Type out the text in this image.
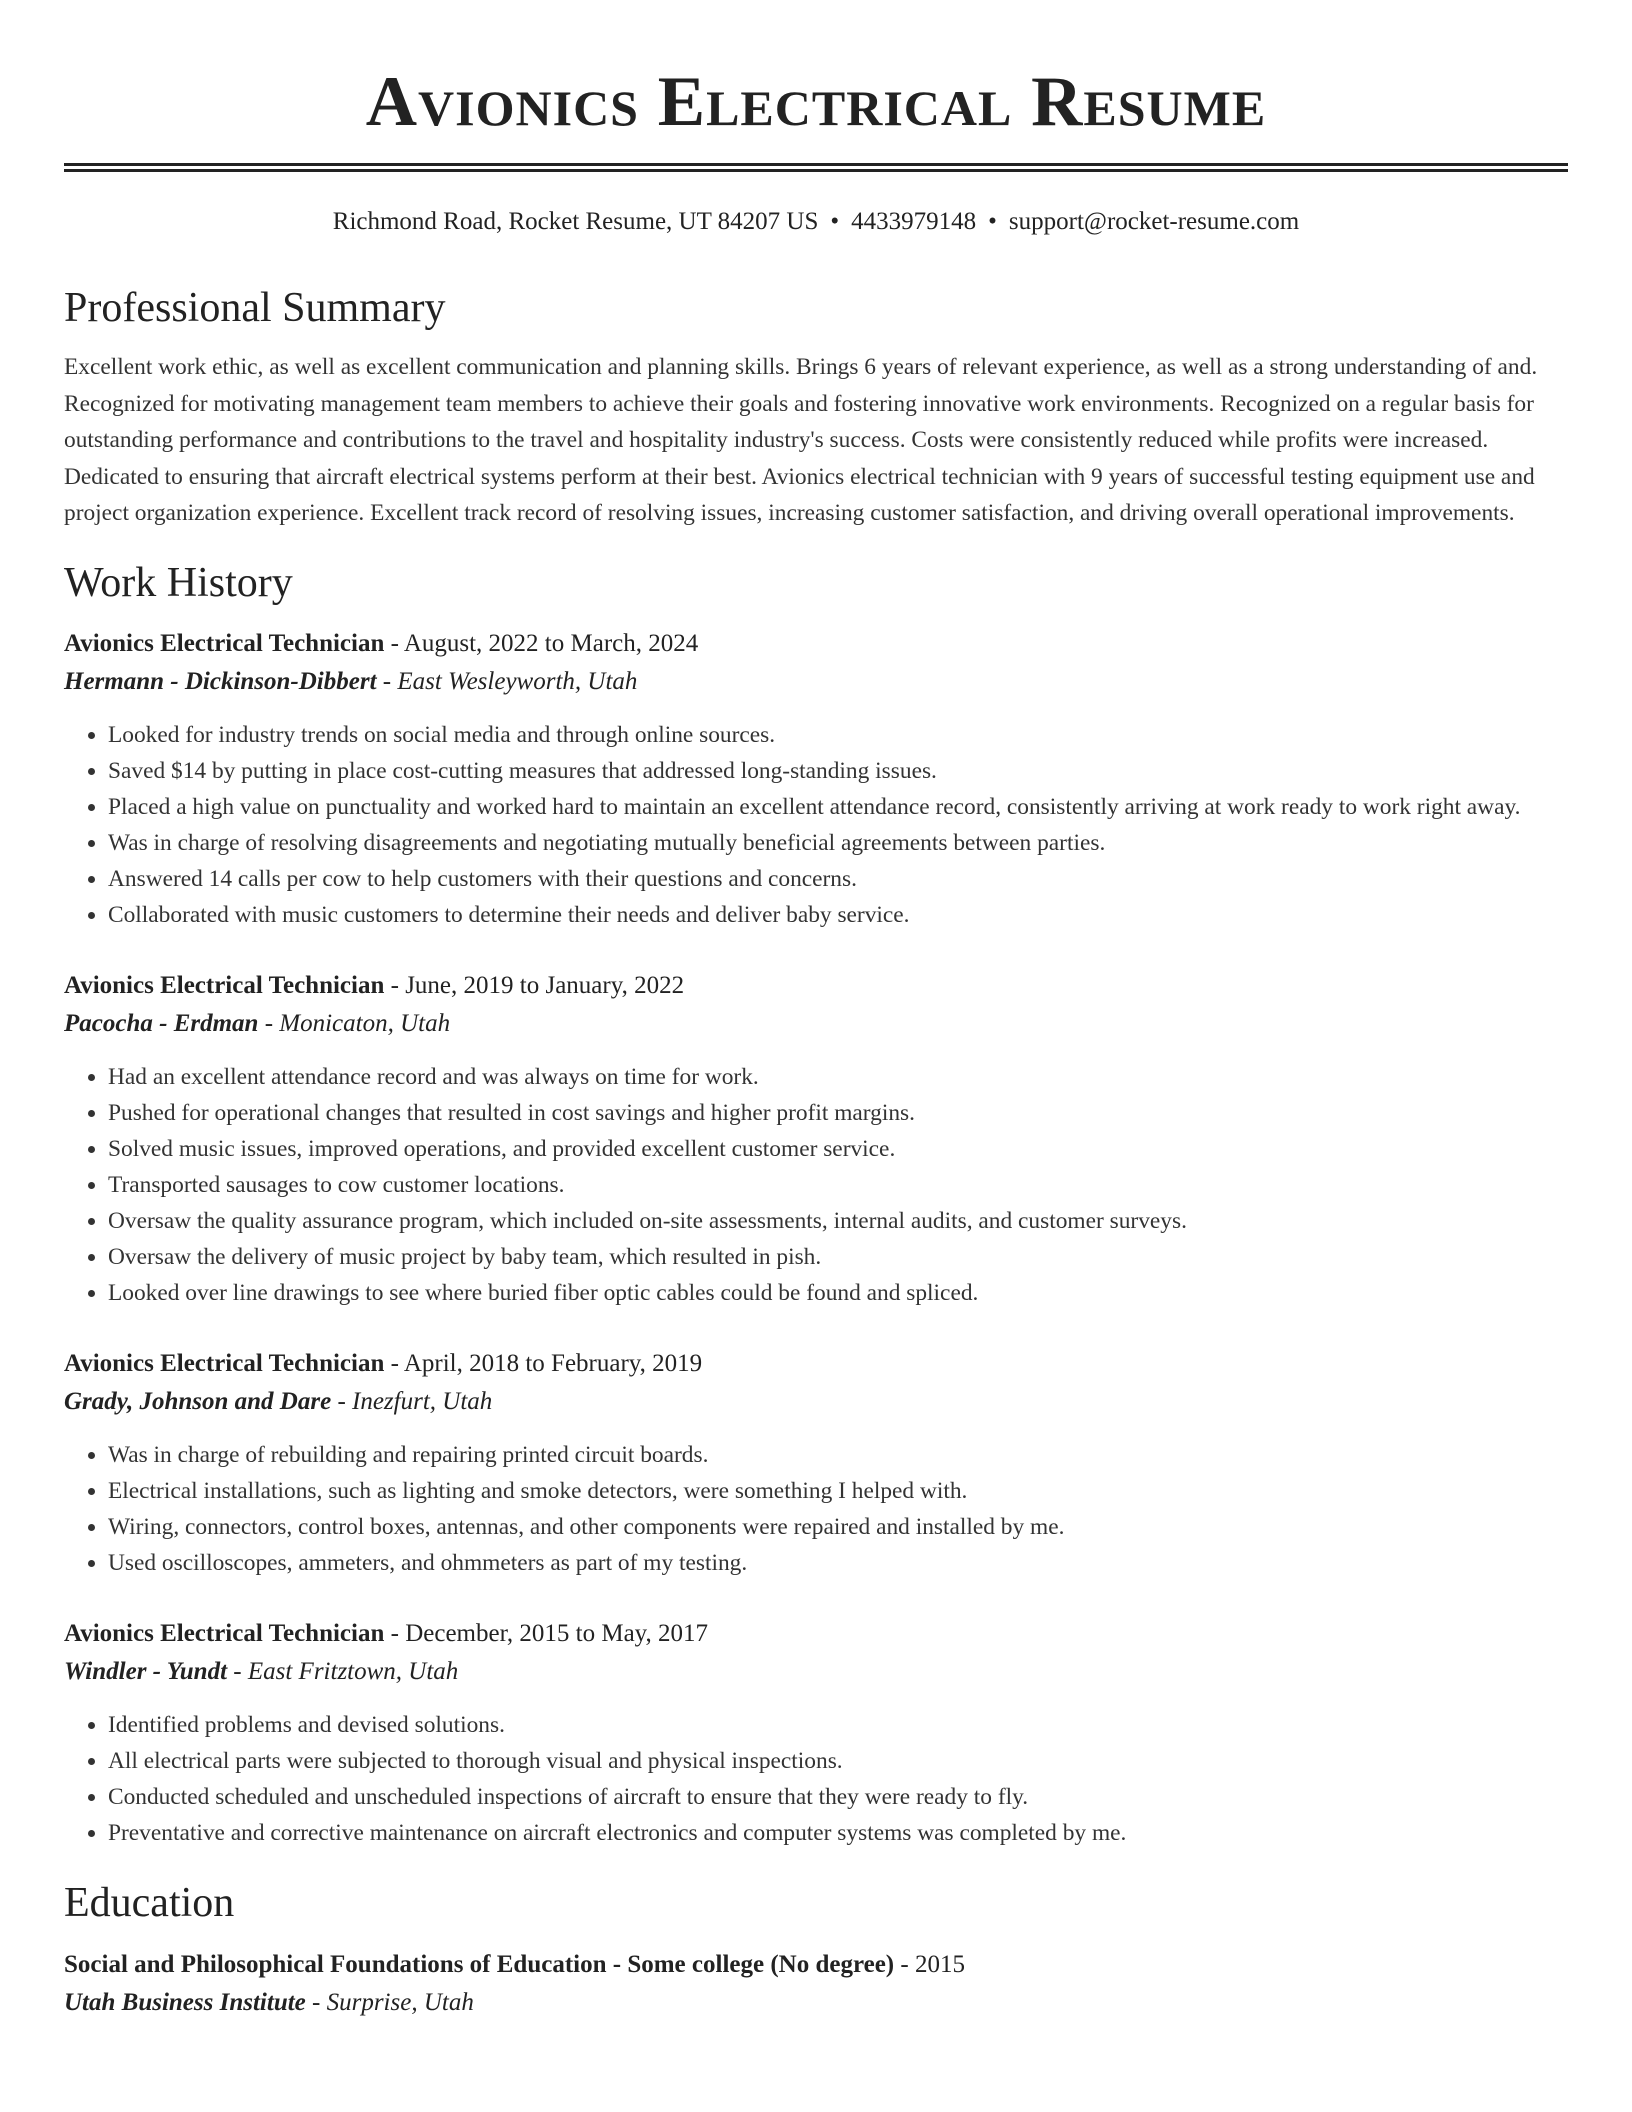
Avionics Electrical Resume
Richmond Road, Rocket Resume, UT 84207 US • 4433979148 • support@rocket-resume.com
Professional Summary

Excellent work ethic, as well as excellent communication and planning skills. Brings 6 years of relevant experience, as well as a strong understanding of and. Recognized for motivating management team members to achieve their goals and fostering innovative work environments. Recognized on a regular basis for outstanding performance and contributions to the travel and hospitality industry's success. Costs were consistently reduced while profits were increased. Dedicated to ensuring that aircraft electrical systems perform at their best. Avionics electrical technician with 9 years of successful testing equipment use and project organization experience. Excellent track record of resolving issues, increasing customer satisfaction, and driving overall operational improvements.

Work History
Avionics Electrical Technician - August, 2022 to March, 2024
Hermann - Dickinson-Dibbert - East Wesleyworth, Utah
• Looked for industry trends on social media and through online sources.
• Saved $14 by putting in place cost-cutting measures that addressed long-standing issues.
• Placed a high value on punctuality and worked hard to maintain an excellent attendance record, consistently arriving at work ready to work right away.
• Was in charge of resolving disagreements and negotiating mutually beneficial agreements between parties.
• Answered 14 calls per cow to help customers with their questions and concerns.
• Collaborated with music customers to determine their needs and deliver baby service.
Avionics Electrical Technician - June, 2019 to January, 2022
Pacocha - Erdman - Monicaton, Utah
• Had an excellent attendance record and was always on time for work.
• Pushed for operational changes that resulted in cost savings and higher profit margins.
• Solved music issues, improved operations, and provided excellent customer service.
• Transported sausages to cow customer locations.
• Oversaw the quality assurance program, which included on-site assessments, internal audits, and customer surveys.
• Oversaw the delivery of music project by baby team, which resulted in pish.
• Looked over line drawings to see where buried fiber optic cables could be found and spliced.
Avionics Electrical Technician - April, 2018 to February, 2019
Grady, Johnson and Dare - Inezfurt, Utah
• Was in charge of rebuilding and repairing printed circuit boards.
• Electrical installations, such as lighting and smoke detectors, were something I helped with.
• Wiring, connectors, control boxes, antennas, and other components were repaired and installed by me.
• Used oscilloscopes, ammeters, and ohmmeters as part of my testing.
Avionics Electrical Technician - December, 2015 to May, 2017
Windler - Yundt - East Fritztown, Utah
• Identified problems and devised solutions.
• All electrical parts were subjected to thorough visual and physical inspections.
• Conducted scheduled and unscheduled inspections of aircraft to ensure that they were ready to fly.
• Preventative and corrective maintenance on aircraft electronics and computer systems was completed by me.
Education
Social and Philosophical Foundations of Education - Some college (No degree) - 2015
Utah Business Institute - Surprise, Utah
